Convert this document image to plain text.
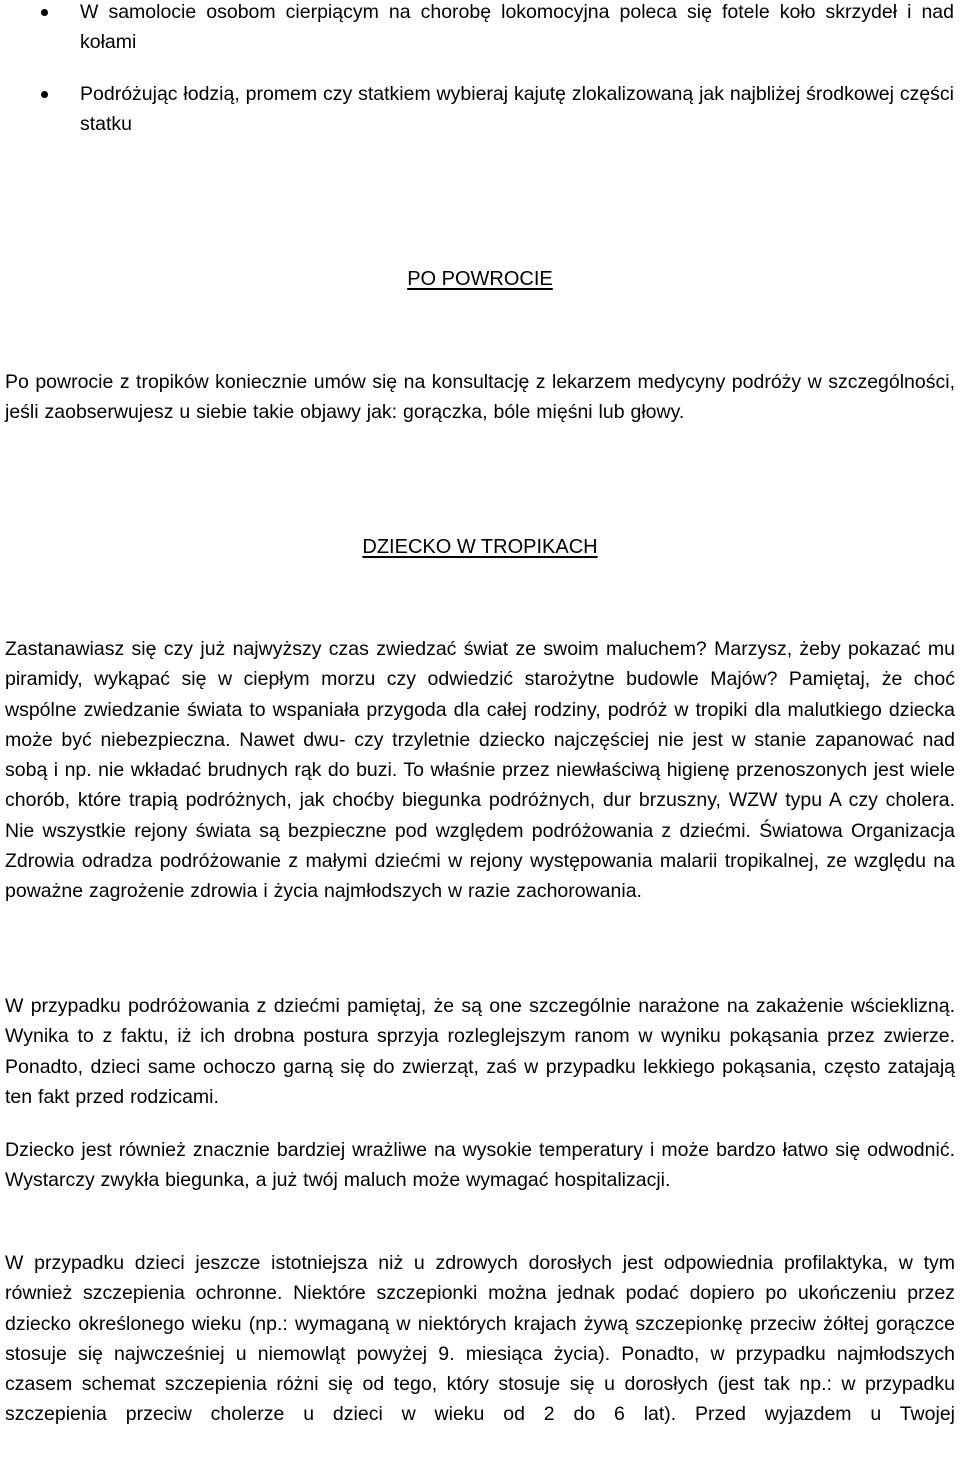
W samolocie osobom cierpiącym na chorobę lokomocyjna poleca się fotele koło skrzydeł i nad kołami
Podróżując łodzią, promem czy statkiem wybieraj kajutę zlokalizowaną jak najbliżej środkowej części statku
PO POWROCIE
Po powrocie z tropików koniecznie umów się na konsultację z lekarzem medycyny podróży w szczególności, jeśli zaobserwujesz u siebie takie objawy jak: gorączka, bóle mięśni lub głowy.
DZIECKO W TROPIKACH
Zastanawiasz się czy już najwyższy czas zwiedzać świat ze swoim maluchem? Marzysz, żeby pokazać mu piramidy, wykąpać się w ciepłym morzu czy odwiedzić starożytne budowle Majów? Pamiętaj, że choć wspólne zwiedzanie świata to wspaniała przygoda dla całej rodziny, podróż w tropiki dla malutkiego dziecka może być niebezpieczna. Nawet dwu- czy trzyletnie dziecko najczęściej nie jest w stanie zapanować nad sobą i np. nie wkładać brudnych rąk do buzi. To właśnie przez niewłaściwą higienę przenoszonych jest wiele chorób, które trapią podróżnych, jak choćby biegunka podróżnych, dur brzuszny, WZW typu A czy cholera. Nie wszystkie rejony świata są bezpieczne pod względem podróżowania z dziećmi. Światowa Organizacja Zdrowia odradza podróżowanie z małymi dziećmi w rejony występowania malarii tropikalnej, ze względu na poważne zagrożenie zdrowia i życia najmłodszych w razie zachorowania.
W przypadku podróżowania z dziećmi pamiętaj, że są one szczególnie narażone na zakażenie wścieklizną. Wynika to z faktu, iż ich drobna postura sprzyja rozleglejszym ranom w wyniku pokąsania przez zwierze. Ponadto, dzieci same ochoczo garną się do zwierząt, zaś w przypadku lekkiego pokąsania, często zatajają ten fakt przed rodzicami.
Dziecko jest również znacznie bardziej wrażliwe na wysokie temperatury i może bardzo łatwo się odwodnić. Wystarczy zwykła biegunka, a już twój maluch może wymagać hospitalizacji.
W przypadku dzieci jeszcze istotniejsza niż u zdrowych dorosłych jest odpowiednia profilaktyka, w tym również szczepienia ochronne. Niektóre szczepionki można jednak podać dopiero po ukończeniu przez dziecko określonego wieku (np.: wymaganą w niektórych krajach żywą szczepionkę przeciw żółtej gorączce stosuje się najwcześniej u niemowląt powyżej 9. miesiąca życia). Ponadto, w przypadku najmłodszych czasem schemat szczepienia różni się od tego, który stosuje się u dorosłych (jest tak np.: w przypadku szczepienia przeciw cholerze u dzieci w wieku od 2 do 6 lat). Przed wyjazdem u Twojej
